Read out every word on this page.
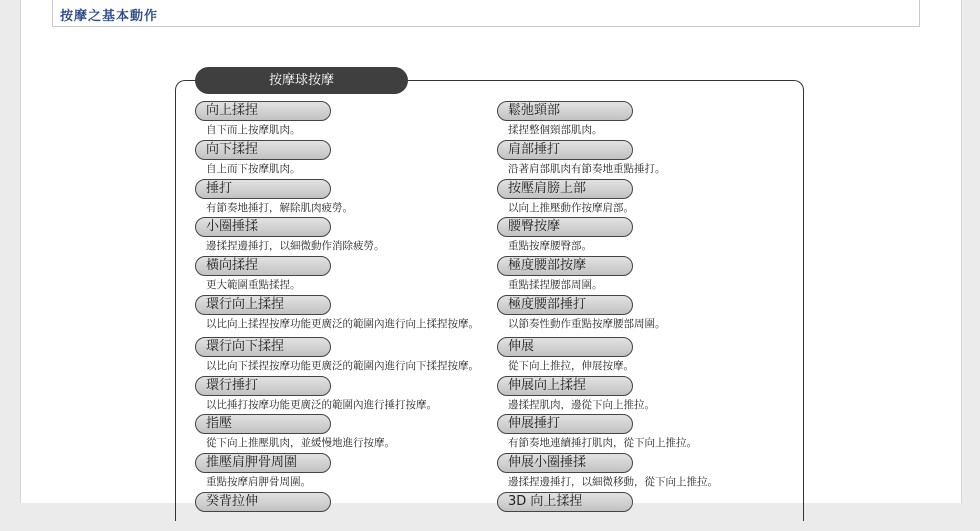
按摩之基本動作
按摩球按摩
向上揉捏
自下而上按摩肌肉。
向下揉捏
自上而下按摩肌肉。
捶打
有節奏地捶打，解除肌肉疲勞。
小圈捶揉
邊揉捏邊捶打，以細微動作消除疲勞。
橫向揉捏
更大範圍重點揉捏。
環行向上揉捏
以比向上揉捏按摩功能更廣泛的範圍內進行向上揉捏按摩。
環行向下揉捏
以比向下揉捏按摩功能更廣泛的範圍內進行向下揉捏按摩。
環行捶打
以比捶打按摩功能更廣泛的範圍內進行捶打按摩。
指壓
從下向上推壓肌肉，並緩慢地進行按摩。
推壓肩胛骨周圍
重點按摩肩胛骨周圍。
癸背拉伸
鬆弛頸部
揉捏整個頸部肌肉。
肩部捶打
沿著肩部肌肉有節奏地重點捶打。
按壓肩膀上部
以向上推壓動作按摩肩部。
腰臀按摩
重點按摩腰臀部。
極度腰部按摩
重點揉捏腰部周圍。
極度腰部捶打
以節奏性動作重點按摩腰部周圍。
伸展
從下向上推拉，伸展按摩。
伸展向上揉捏
邊揉捏肌肉，邊從下向上推拉。
伸展捶打
有節奏地連續捶打肌肉，從下向上推拉。
伸展小圈捶揉
邊揉捏邊捶打，以細微移動，從下向上推拉。
3D 向上揉捏
